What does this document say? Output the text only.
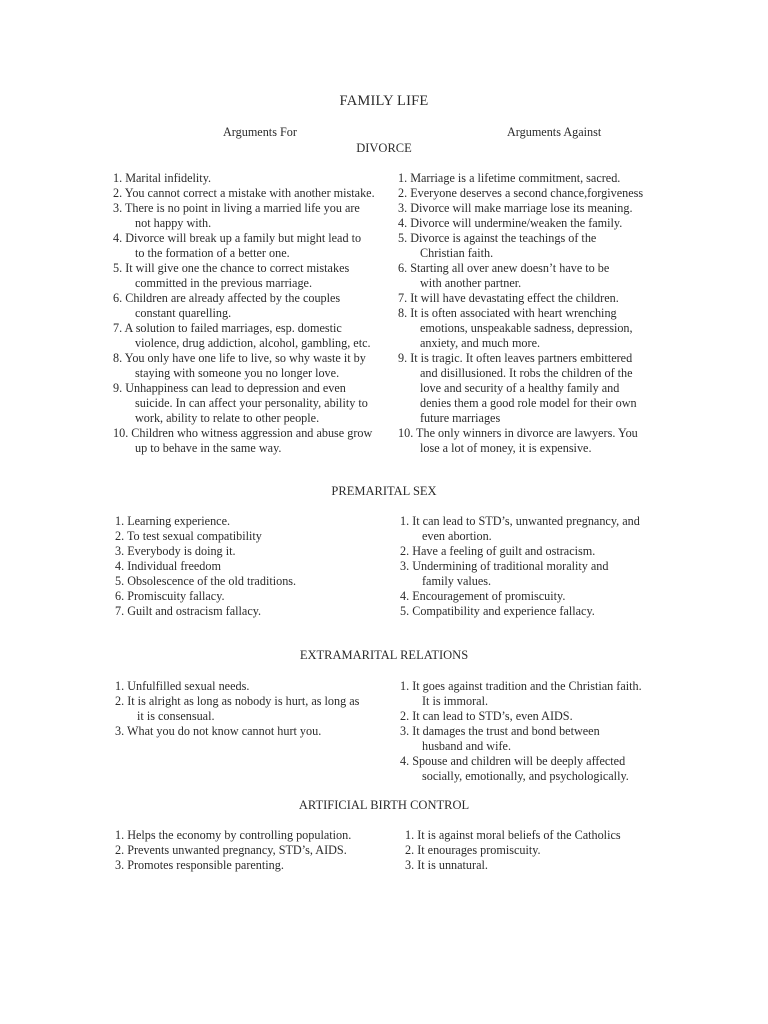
FAMILY LIFE
Arguments For	Arguments Against
DIVORCE
1. Marital infidelity.
2. You cannot correct a mistake with another mistake.
3. There is no point in living a married life you are
not happy with.
4. Divorce will break up a family but might lead to
to the formation of a better one.
5. It will give one the chance to correct mistakes
committed in the previous marriage.
6. Children are already affected by the couples
constant quarelling.
7. A solution to failed marriages, esp. domestic
violence, drug addiction, alcohol, gambling, etc.
8. You only have one life to live, so why waste it by
staying with someone you no longer love.
9. Unhappiness can lead to depression and even
suicide. In can affect your personality, ability to
work, ability to relate to other people.
10. Children who witness aggression and abuse grow
up to behave in the same way.
1. Marriage is a lifetime commitment, sacred.
2. Everyone deserves a second chance,forgiveness
3. Divorce will make marriage lose its meaning.
4. Divorce will undermine/weaken the family.
5. Divorce is against the teachings of the
Christian faith.
6. Starting all over anew doesn’t have to be
with another partner.
7. It will have devastating effect the children.
8. It is often associated with heart wrenching
emotions, unspeakable sadness, depression,
anxiety, and much more.
9. It is tragic. It often leaves partners embittered
and disillusioned. It robs the children of the
love and security of a healthy family and
denies them a good role model for their own
future marriages
10. The only winners in divorce are lawyers. You
lose a lot of money, it is expensive.
PREMARITAL SEX
1. Learning experience.
2. To test sexual compatibility
3. Everybody is doing it.
4. Individual freedom
5. Obsolescence of the old traditions.
6. Promiscuity fallacy.
7. Guilt and ostracism fallacy.
1. It can lead to STD’s, unwanted pregnancy, and
even abortion.
2. Have a feeling of guilt and ostracism.
3. Undermining of traditional morality and
family values.
4. Encouragement of promiscuity.
5. Compatibility and experience fallacy.
EXTRAMARITAL RELATIONS
1. Unfulfilled sexual needs.
2. It is alright as long as nobody is hurt, as long as
it is consensual.
3. What you do not know cannot hurt you.
1. It goes against tradition and the Christian faith.
It is immoral.
2. It can lead to STD’s, even AIDS.
3. It damages the trust and bond between
husband and wife.
4. Spouse and children will be deeply affected
socially, emotionally, and psychologically.
ARTIFICIAL BIRTH CONTROL
1. Helps the economy by controlling population.
2. Prevents unwanted pregnancy, STD’s, AIDS.
3. Promotes responsible parenting.
1. It is against moral beliefs of the Catholics
2. It enourages promiscuity.
3. It is unnatural.
